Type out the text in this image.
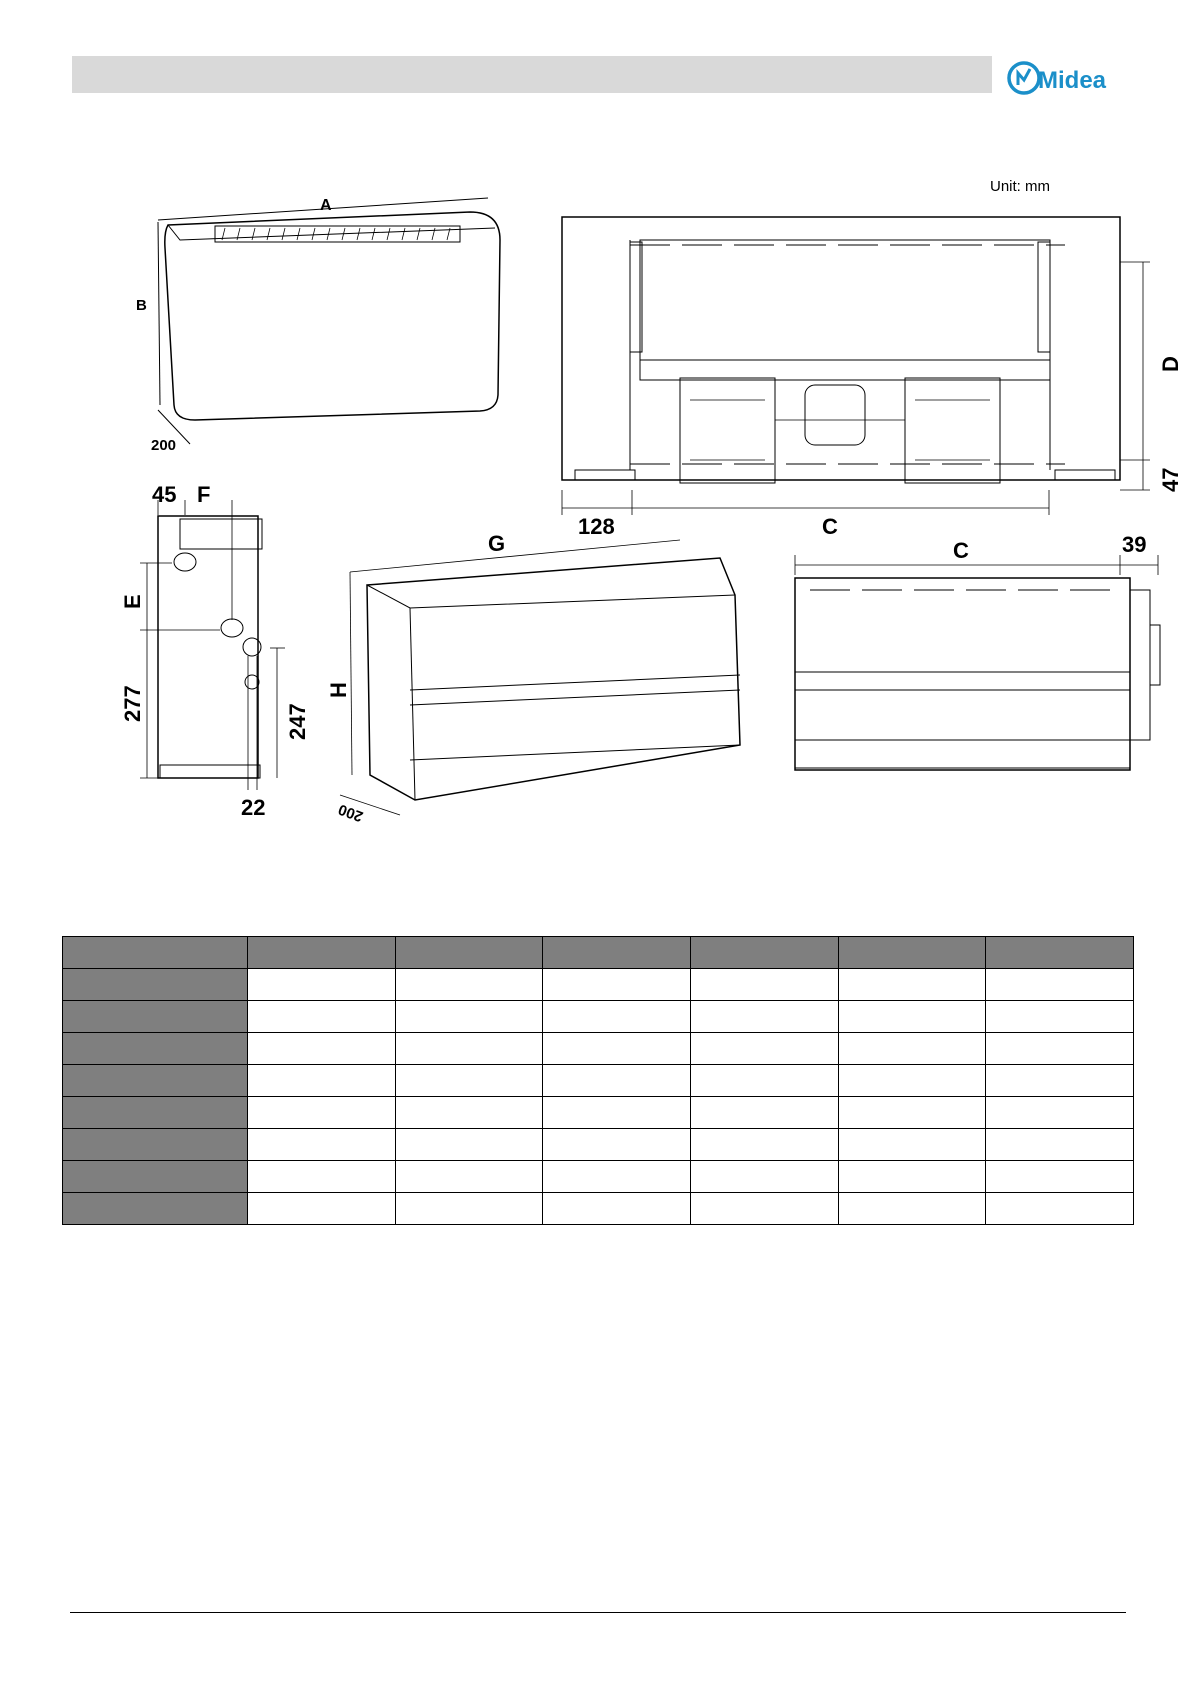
Midea
Unit: mm
A
B
200
D
47
128	C
45 F
E
277	247
22
G
H
200
C	39
